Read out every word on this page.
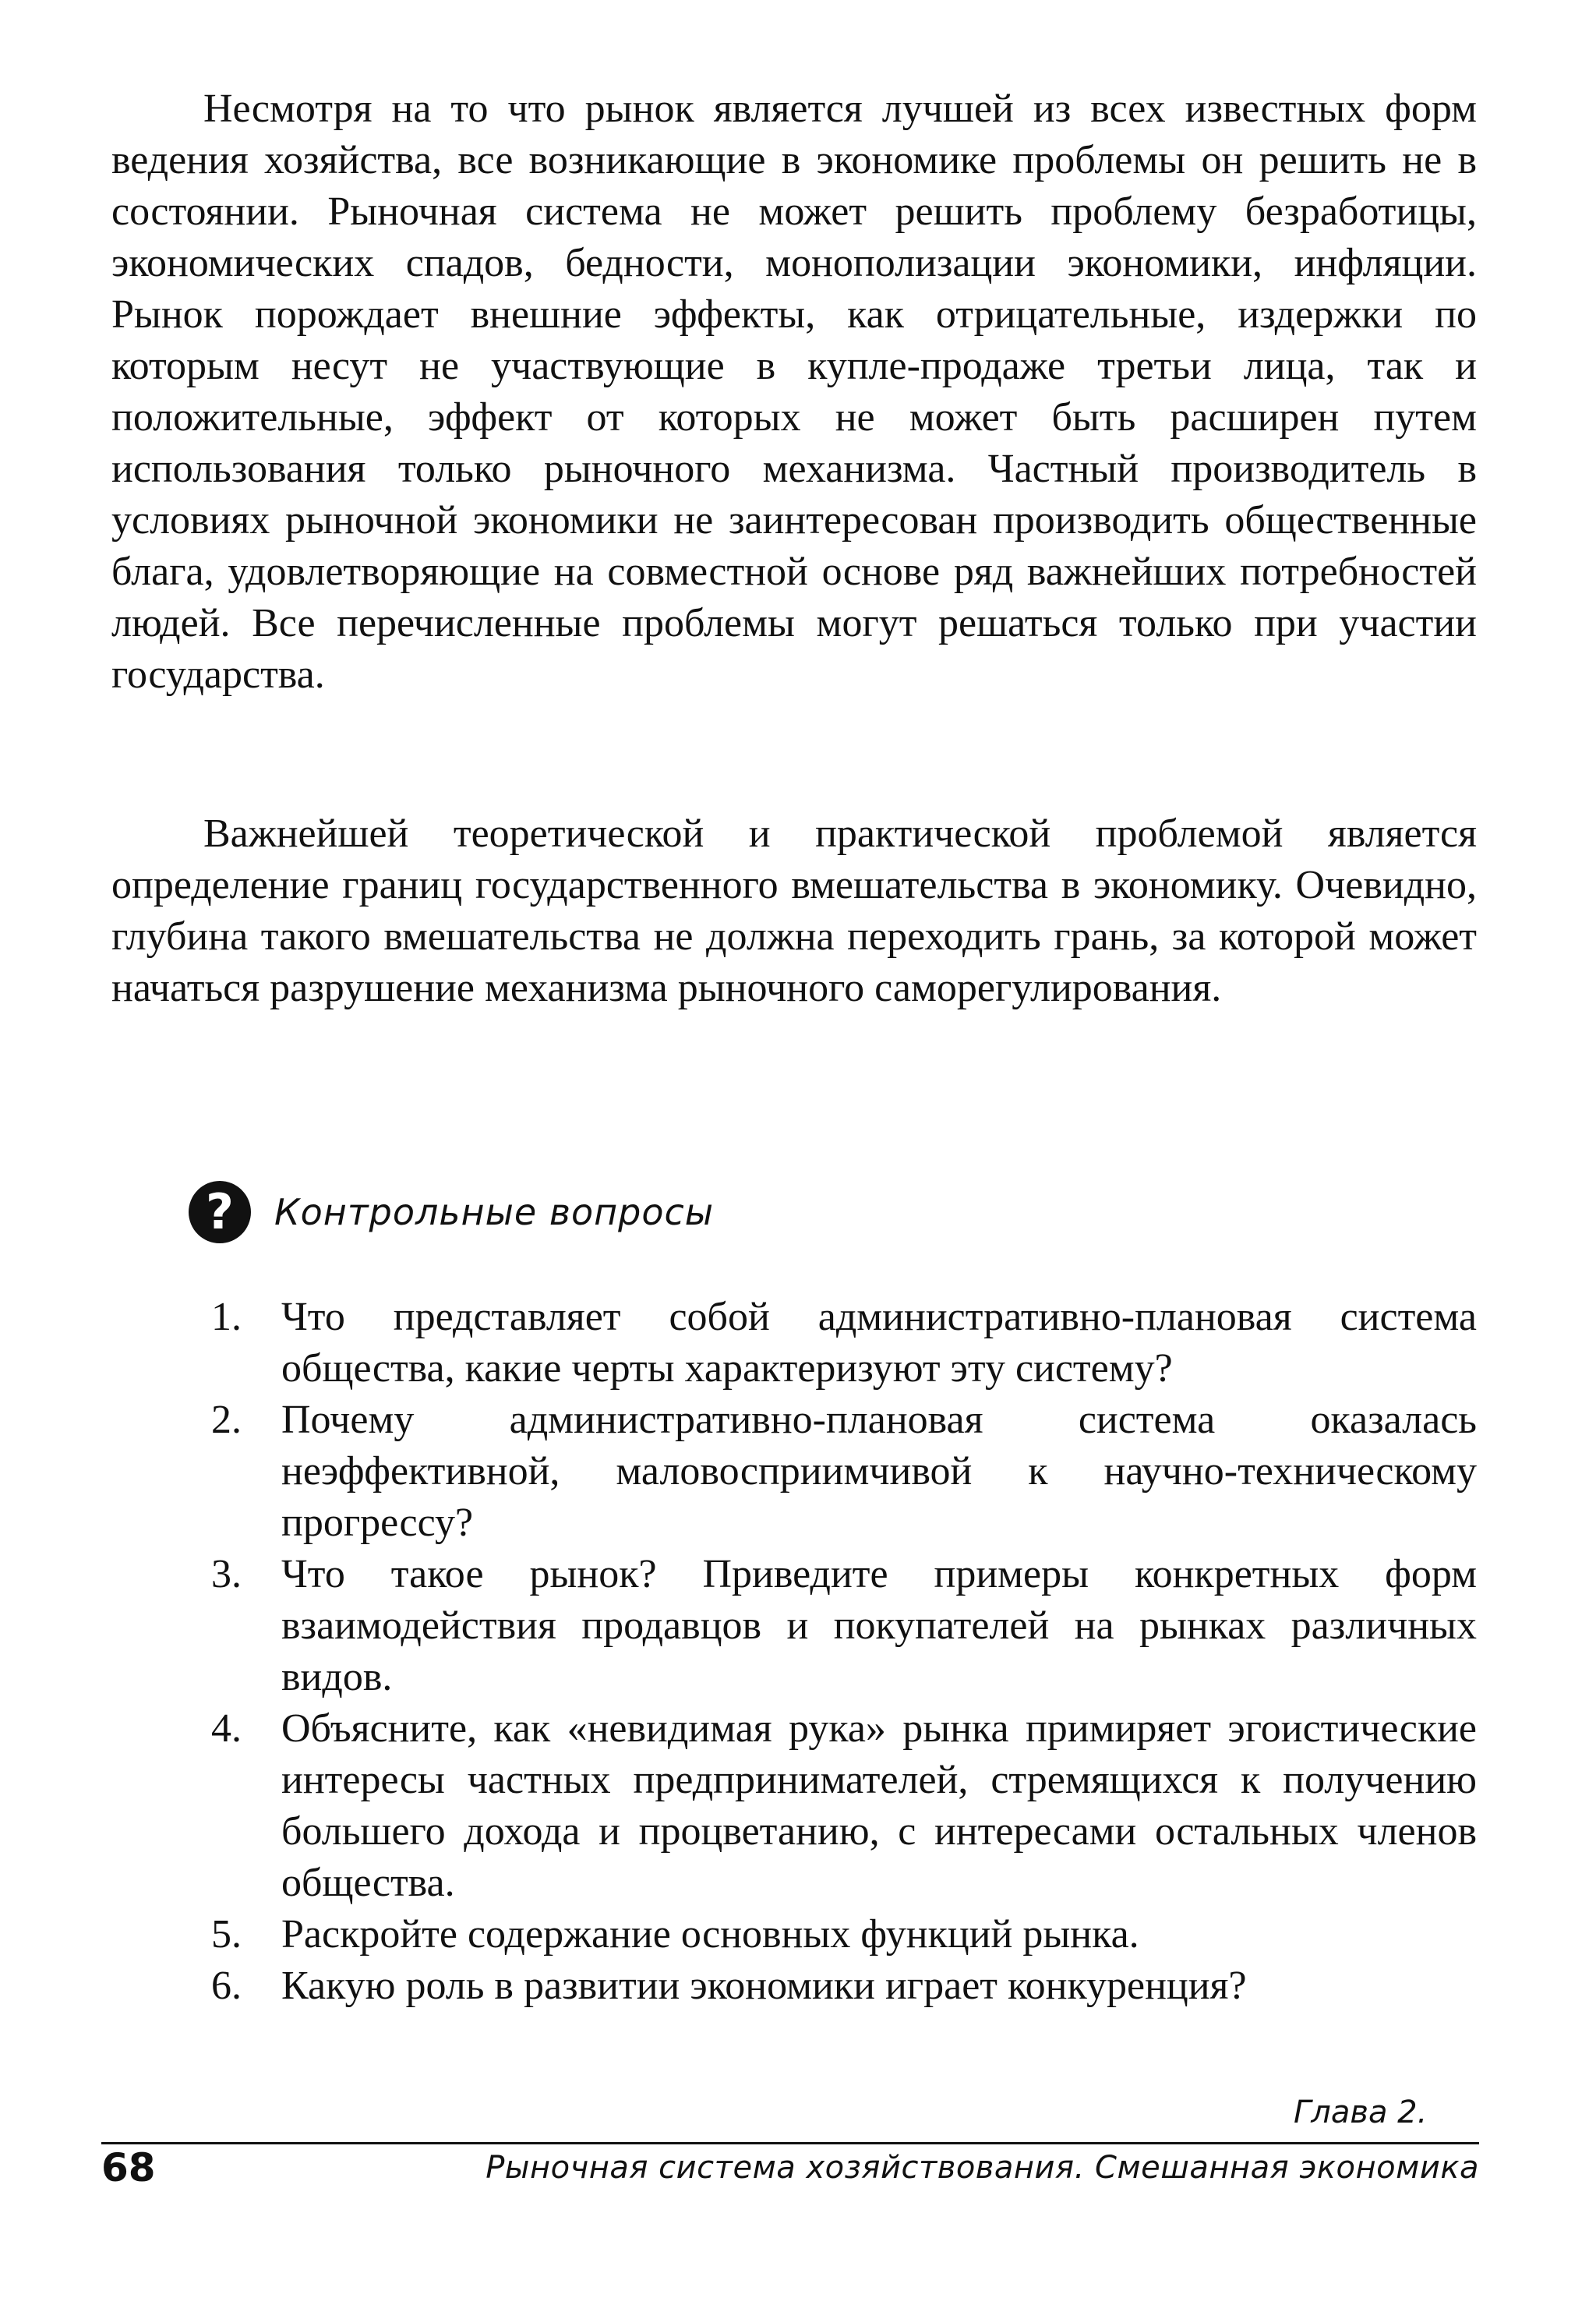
Несмотря на то что рынок является лучшей из всех известных форм ведения хозяйства, все возникающие в экономике проблемы он решить не в состоянии. Рыночная система не может решить проблему безработицы, экономических спадов, бедности, монополизации экономики, инфляции. Рынок порождает внешние эффекты, как отрицательные, издержки по которым несут не участвующие в купле-продаже третьи лица, так и положительные, эффект от которых не может быть расширен путем использования только рыночного механизма. Частный производитель в условиях рыночной экономики не заинтересован производить общественные блага, удовлетворяющие на совместной основе ряд важнейших потребностей людей. Все перечисленные проблемы могут решаться только при участии государства.

Важнейшей теоретической и практической проблемой является определение границ государственного вмешательства в экономику. Очевидно, глубина такого вмешательства не должна переходить грань, за которой может начаться разрушение механизма рыночного саморегулирования.

?	Контрольные вопросы
1. Что представляет собой административно-плановая система общества, какие черты характеризуют эту систему?
2. Почему административно-плановая система оказалась неэффективной, маловосприимчивой к научно-техническому прогрессу?
3. Что такое рынок? Приведите примеры конкретных форм взаимодействия продавцов и покупателей на рынках различных видов.
4. Объясните, как «невидимая рука» рынка примиряет эгоистические интересы частных предпринимателей, стремящихся к получению большего дохода и процветанию, с интересами остальных членов общества.
5. Раскройте содержание основных функций рынка.
6. Какую роль в развитии экономики играет конкуренция?
Глава 2.
68	Рыночная система хозяйствования. Смешанная экономика
